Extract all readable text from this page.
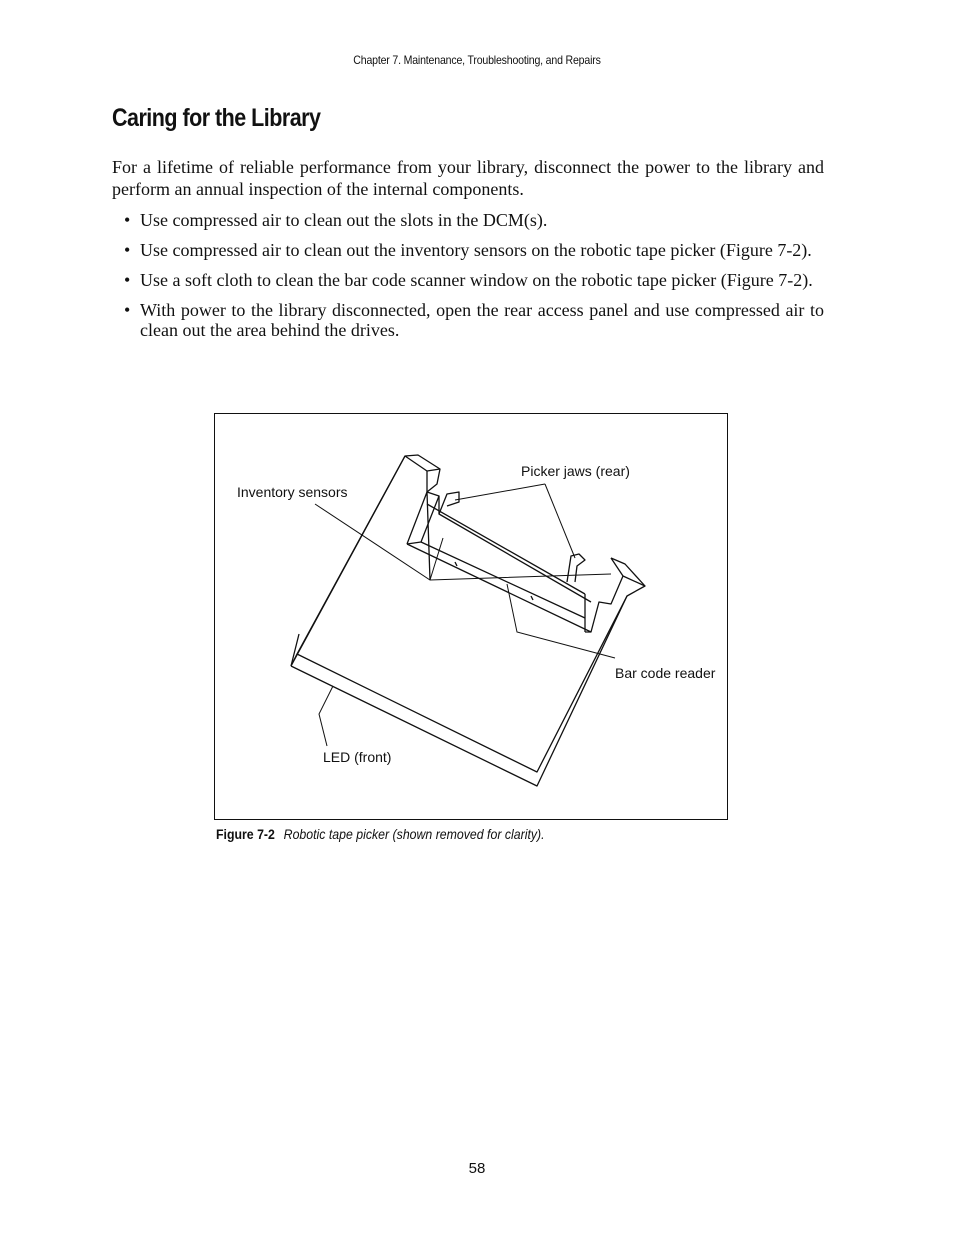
Chapter 7. Maintenance, Troubleshooting, and Repairs
Caring for the Library

For a lifetime of reliable performance from your library, disconnect the power to the library and perform an annual inspection of the internal components.

• Use compressed air to clean out the slots in the DCM(s).
• Use compressed air to clean out the inventory sensors on the robotic tape picker (Figure 7-2).
• Use a soft cloth to clean the bar code scanner window on the robotic tape picker (Figure 7-2).
• With power to the library disconnected, open the rear access panel and use compressed air to clean out the area behind the drives.
Picker jaws (rear)
Inventory sensors
Bar code reader
LED (front)
Figure 7-2 Robotic tape picker (shown removed for clarity).
58
